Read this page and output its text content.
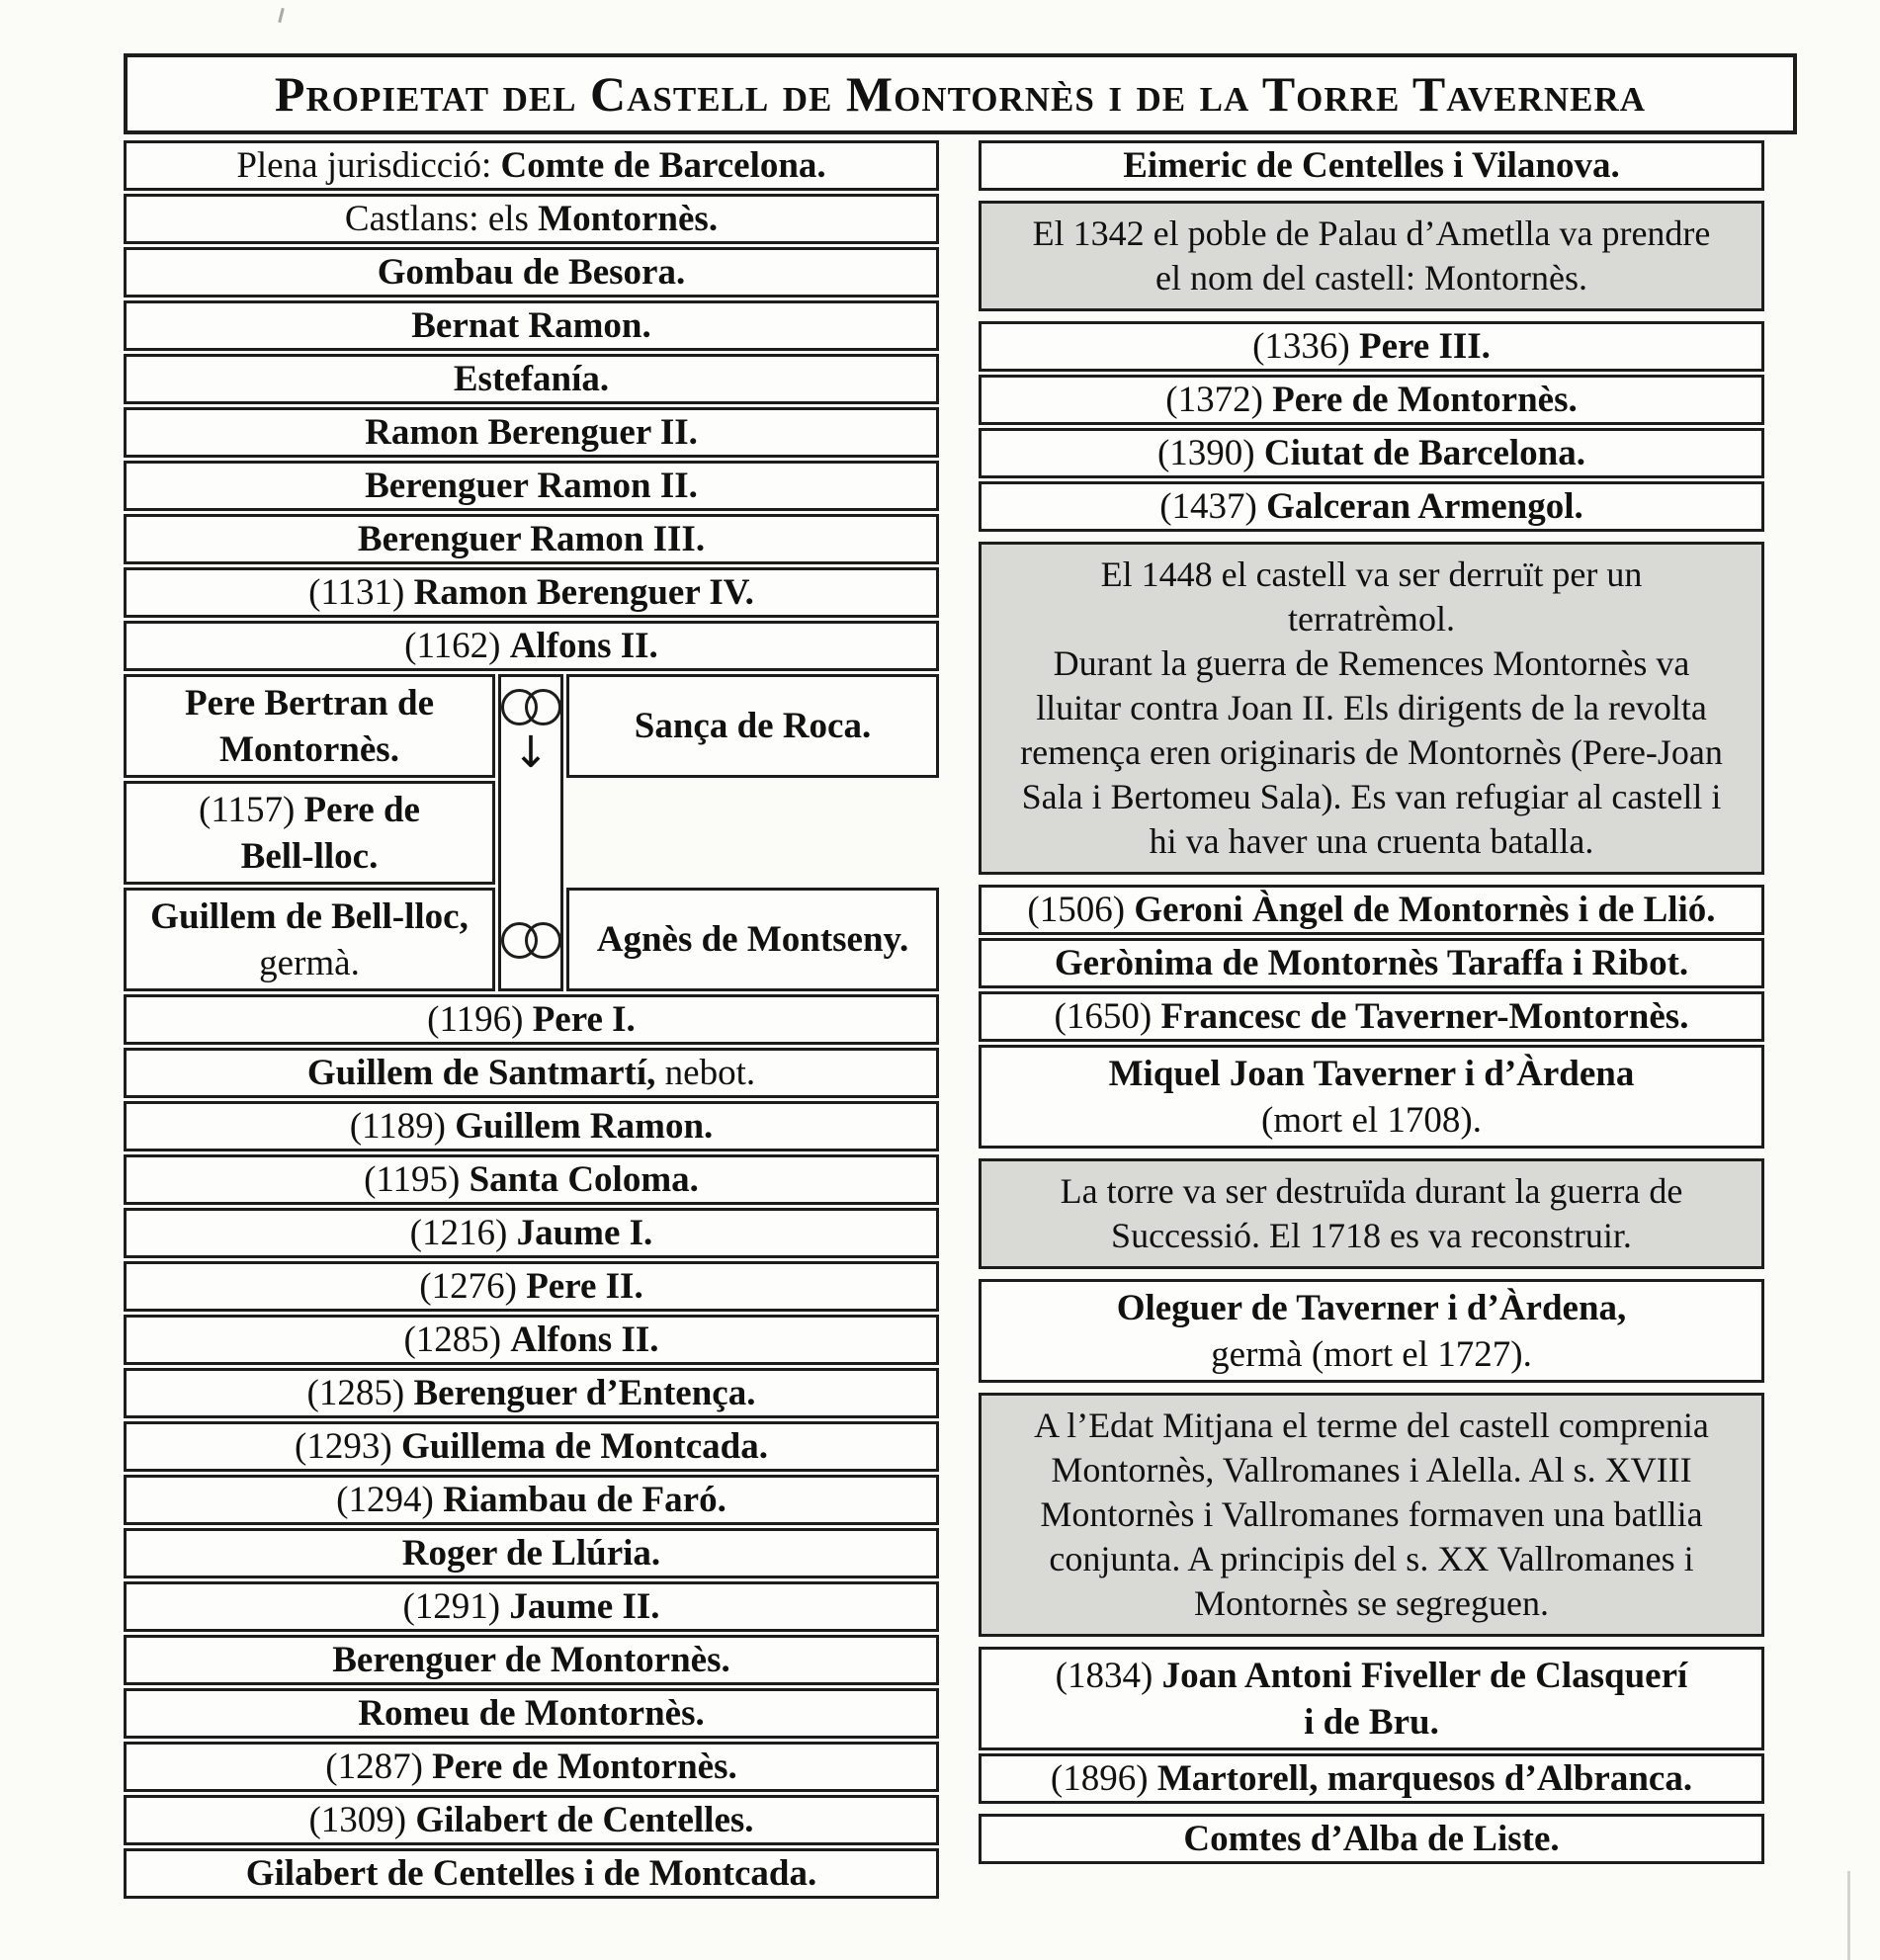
Propietat del Castell de Montornès i de la Torre Tavernera
Plena jurisdicció: Comte de Barcelona.
Castlans: els Montornès.
Gombau de Besora.
Bernat Ramon.
Estefanía.
Ramon Berenguer II.
Berenguer Ramon II.
Berenguer Ramon III.
(1131) Ramon Berenguer IV.
(1162) Alfons II.
Pere Bertran de
Montornès.
(1157) Pere de
Bell-lloc.
Guillem de Bell-lloc,
germà.
↓
Sança de Roca.
Agnès de Montseny.
(1196) Pere I.
Guillem de Santmartí, nebot.
(1189) Guillem Ramon.
(1195) Santa Coloma.
(1216) Jaume I.
(1276) Pere II.
(1285) Alfons II.
(1285) Berenguer d’Entença.
(1293) Guillema de Montcada.
(1294) Riambau de Faró.
Roger de Llúria.
(1291) Jaume II.
Berenguer de Montornès.
Romeu de Montornès.
(1287) Pere de Montornès.
(1309) Gilabert de Centelles.
Gilabert de Centelles i de Montcada.
Eimeric de Centelles i Vilanova.
El 1342 el poble de Palau d’Ametlla va prendre
el nom del castell: Montornès.
(1336) Pere III.
(1372) Pere de Montornès.
(1390) Ciutat de Barcelona.
(1437) Galceran Armengol.
El 1448 el castell va ser derruït per un
terratrèmol.
Durant la guerra de Remences Montornès va
lluitar contra Joan II. Els dirigents de la revolta
remença eren originaris de Montornès (Pere-Joan
Sala i Bertomeu Sala). Es van refugiar al castell i
hi va haver una cruenta batalla.
(1506) Geroni Àngel de Montornès i de Llió.
Gerònima de Montornès Taraffa i Ribot.
(1650) Francesc de Taverner-Montornès.
Miquel Joan Taverner i d’Àrdena
(mort el 1708).
La torre va ser destruïda durant la guerra de
Successió. El 1718 es va reconstruir.
Oleguer de Taverner i d’Àrdena,
germà (mort el 1727).
A l’Edat Mitjana el terme del castell comprenia
Montornès, Vallromanes i Alella. Al s. XVIII
Montornès i Vallromanes formaven una batllia
conjunta. A principis del s. XX Vallromanes i
Montornès se segreguen.
(1834) Joan Antoni Fiveller de Clasquerí
i de Bru.
(1896) Martorell, marquesos d’Albranca.
Comtes d’Alba de Liste.
